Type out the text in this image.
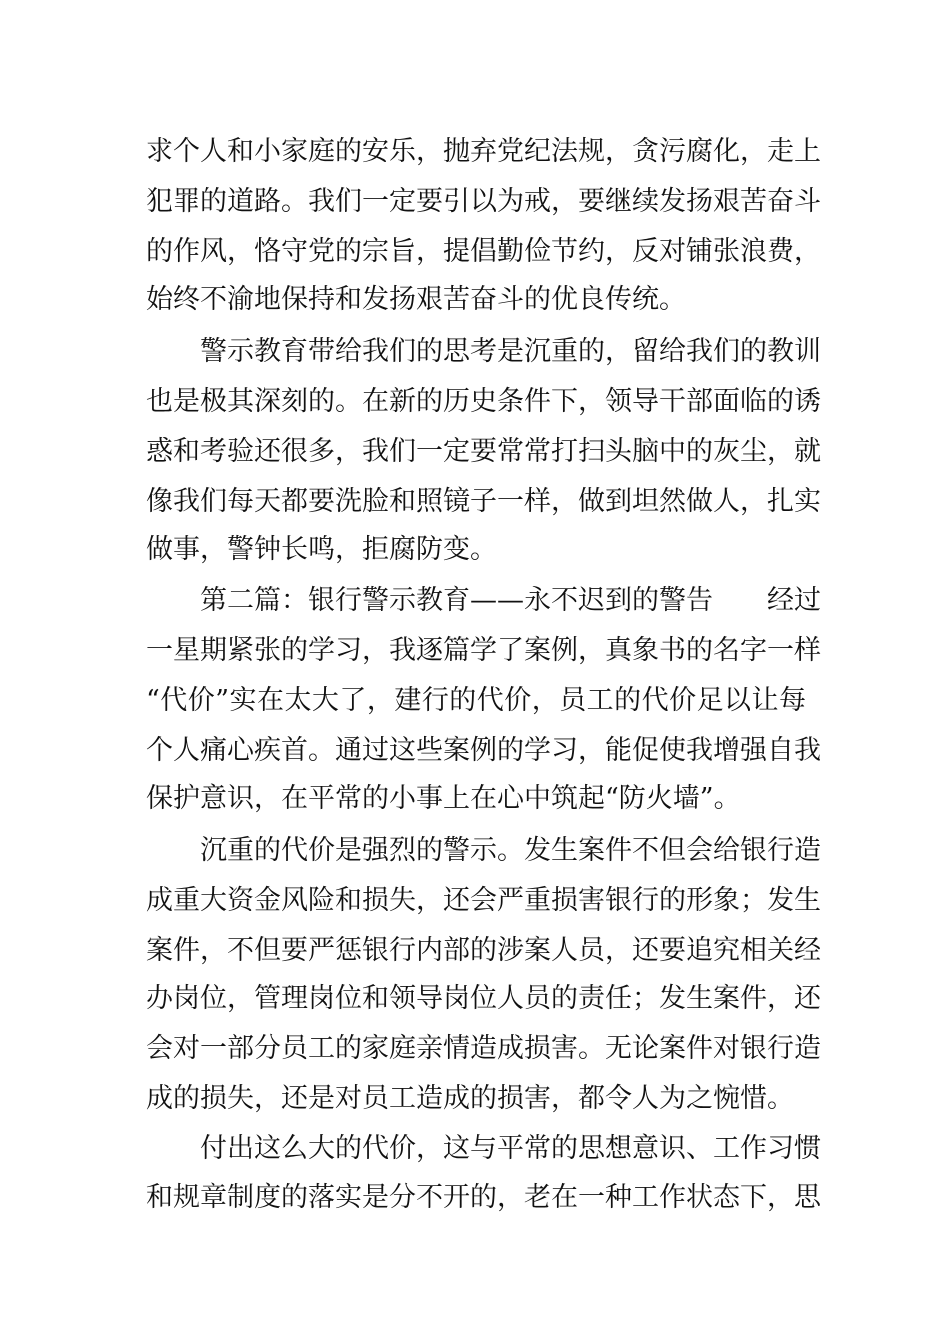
求个人和小家庭的安乐，抛弃党纪法规，贪污腐化，走上
犯罪的道路。我们一定要引以为戒，要继续发扬艰苦奋斗
的作风，恪守党的宗旨，提倡勤俭节约，反对铺张浪费，
始终不渝地保持和发扬艰苦奋斗的优良传统。
警示教育带给我们的思考是沉重的，留给我们的教训
也是极其深刻的。在新的历史条件下，领导干部面临的诱
惑和考验还很多，我们一定要常常打扫头脑中的灰尘，就
像我们每天都要洗脸和照镜子一样，做到坦然做人，扎实
做事，警钟长鸣，拒腐防变。
第二篇：银行警示教育——永不迟到的警告　　经过
一星期紧张的学习，我逐篇学了案例，真象书的名字一样
“代价”实在太大了，建行的代价，员工的代价足以让每
个人痛心疾首。通过这些案例的学习，能促使我增强自我
保护意识，在平常的小事上在心中筑起“防火墙”。
沉重的代价是强烈的警示。发生案件不但会给银行造
成重大资金风险和损失，还会严重损害银行的形象；发生
案件，不但要严惩银行内部的涉案人员，还要追究相关经
办岗位，管理岗位和领导岗位人员的责任；发生案件，还
会对一部分员工的家庭亲情造成损害。无论案件对银行造
成的损失，还是对员工造成的损害，都令人为之惋惜。
付出这么大的代价，这与平常的思想意识、工作习惯
和规章制度的落实是分不开的，老在一种工作状态下，思
